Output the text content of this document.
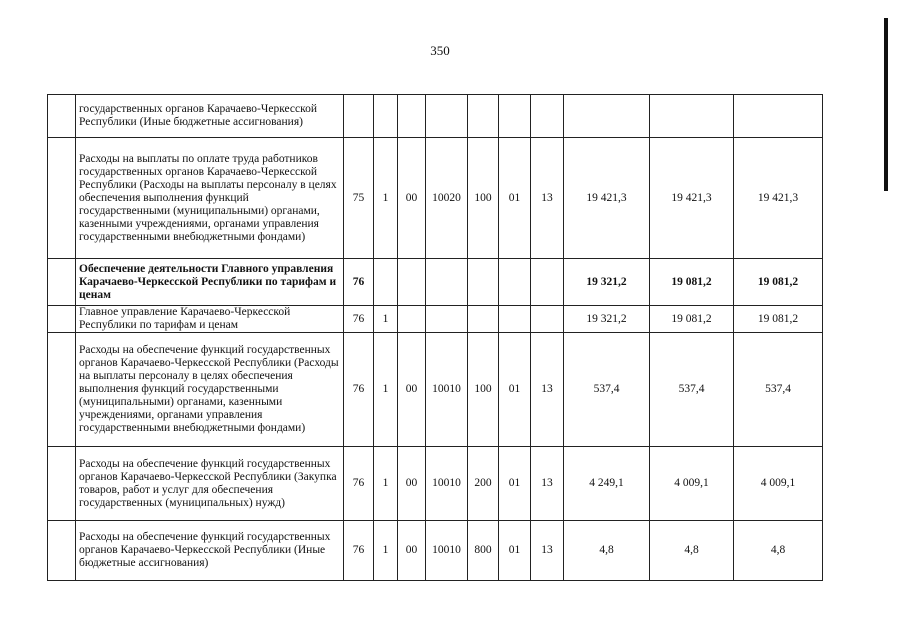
350
	государственных органов Карачаево-Черкесской Республики (Иные бюджетные ассигнования)										
	Расходы на выплаты по оплате труда работников государственных органов Карачаево-Черкесской Республики (Расходы на выплаты персоналу в целях обеспечения выполнения функций государственными (муниципальными) органами, казенными учреждениями, органами управления государственными внебюджетными фондами)	75	1	00	10020	100	01	13	19 421,3	19 421,3	19 421,3
	Обеспечение деятельности Главного управления Карачаево-Черкесской Республики по тарифам и ценам	76							19 321,2	19 081,2	19 081,2
	Главное управление Карачаево-Черкесской Республики по тарифам и ценам	76	1						19 321,2	19 081,2	19 081,2
	Расходы на обеспечение функций государственных органов Карачаево-Черкесской Республики (Расходы на выплаты персоналу в целях обеспечения выполнения функций государственными (муниципальными) органами, казенными учреждениями, органами управления государственными внебюджетными фондами)	76	1	00	10010	100	01	13	537,4	537,4	537,4
	Расходы на обеспечение функций государственных органов Карачаево-Черкесской Республики (Закупка товаров, работ и услуг для обеспечения государственных (муниципальных) нужд)	76	1	00	10010	200	01	13	4 249,1	4 009,1	4 009,1
	Расходы на обеспечение функций государственных органов Карачаево-Черкесской Республики (Иные бюджетные ассигнования)	76	1	00	10010	800	01	13	4,8	4,8	4,8
